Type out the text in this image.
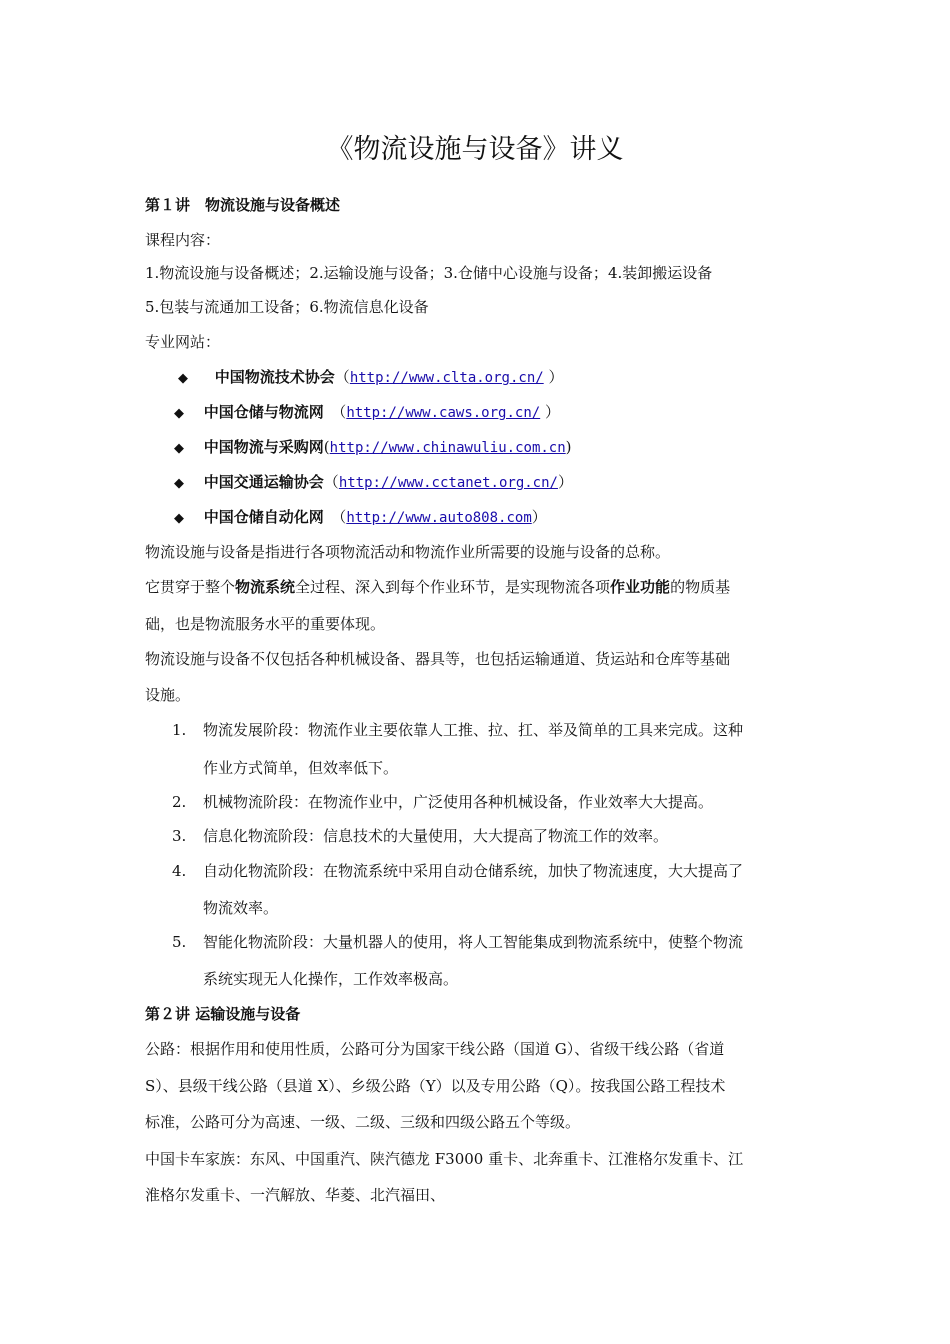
《物流设施与设备》讲义
第１讲　物流设施与设备概述
课程内容：
1.物流设施与设备概述；2.运输设施与设备；3.仓储中心设施与设备；4.装卸搬运设备
5.包装与流通加工设备；6.物流信息化设备
专业网站：
◆ 中国物流技术协会（http://www.clta.org.cn/ ）
◆ 中国仓储与物流网　（http://www.caws.org.cn/ ）
◆ 中国物流与采购网(http://www.chinawuliu.com.cn)
◆ 中国交通运输协会（http://www.cctanet.org.cn/）
◆ 中国仓储自动化网　（http://www.auto808.com）
物流设施与设备是指进行各项物流活动和物流作业所需要的设施与设备的总称。
它贯穿于整个物流系统全过程、深入到每个作业环节，是实现物流各项作业功能的物质基
础，也是物流服务水平的重要体现。
物流设施与设备不仅包括各种机械设备、器具等，也包括运输通道、货运站和仓库等基础
设施。
1. 物流发展阶段：物流作业主要依靠人工推、拉、扛、举及简单的工具来完成。这种
作业方式简单，但效率低下。
2. 机械物流阶段：在物流作业中，广泛使用各种机械设备，作业效率大大提高。
3. 信息化物流阶段：信息技术的大量使用，大大提高了物流工作的效率。
4. 自动化物流阶段：在物流系统中采用自动仓储系统，加快了物流速度，大大提高了
物流效率。
5. 智能化物流阶段：大量机器人的使用，将人工智能集成到物流系统中，使整个物流
系统实现无人化操作，工作效率极高。
第２讲 运输设施与设备
公路：根据作用和使用性质，公路可分为国家干线公路（国道 G）、省级干线公路（省道
S）、县级干线公路（县道 X）、乡级公路（Y）以及专用公路（Q）。按我国公路工程技术
标准，公路可分为高速、一级、二级、三级和四级公路五个等级。
中国卡车家族：东风、中国重汽、陕汽德龙 F3000 重卡、北奔重卡、江淮格尔发重卡、江
淮格尔发重卡、一汽解放、华菱、北汽福田、
